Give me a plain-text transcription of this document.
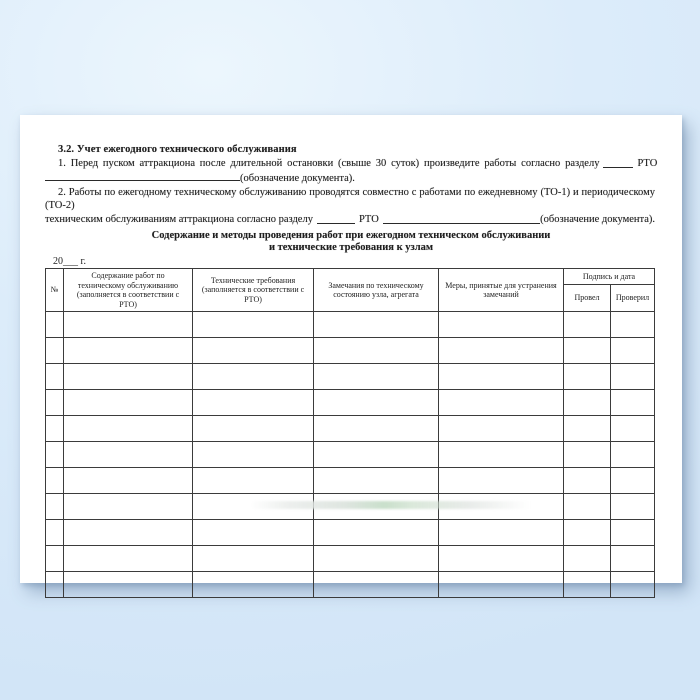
3.2. Учет ежегодного технического обслуживания
1. Перед пуском аттракциона после длительной остановки (свыше 30 суток) произведите работы согласно разделу	РТО
(обозначение документа).
2. Работы по ежегодному техническому обслуживанию проводятся совместно с работами по ежедневному (ТО-1) и периодическому (ТО-2)
техническим обслуживаниям аттракциона согласно разделу	РТО	(обозначение документа).
Содержание и методы проведения работ при ежегодном техническом обслуживании
и технические требования к узлам
20___ г.
№	Содержание работ по техническому обслуживанию (заполняется в соответствии с РТО)	Технические требования (заполняется в соответствии с РТО)	Замечания по техническому состоянию узла, агрегата	Меры, принятые для устранения замечаний	Подпись и дата	
					Провел	Проверил
